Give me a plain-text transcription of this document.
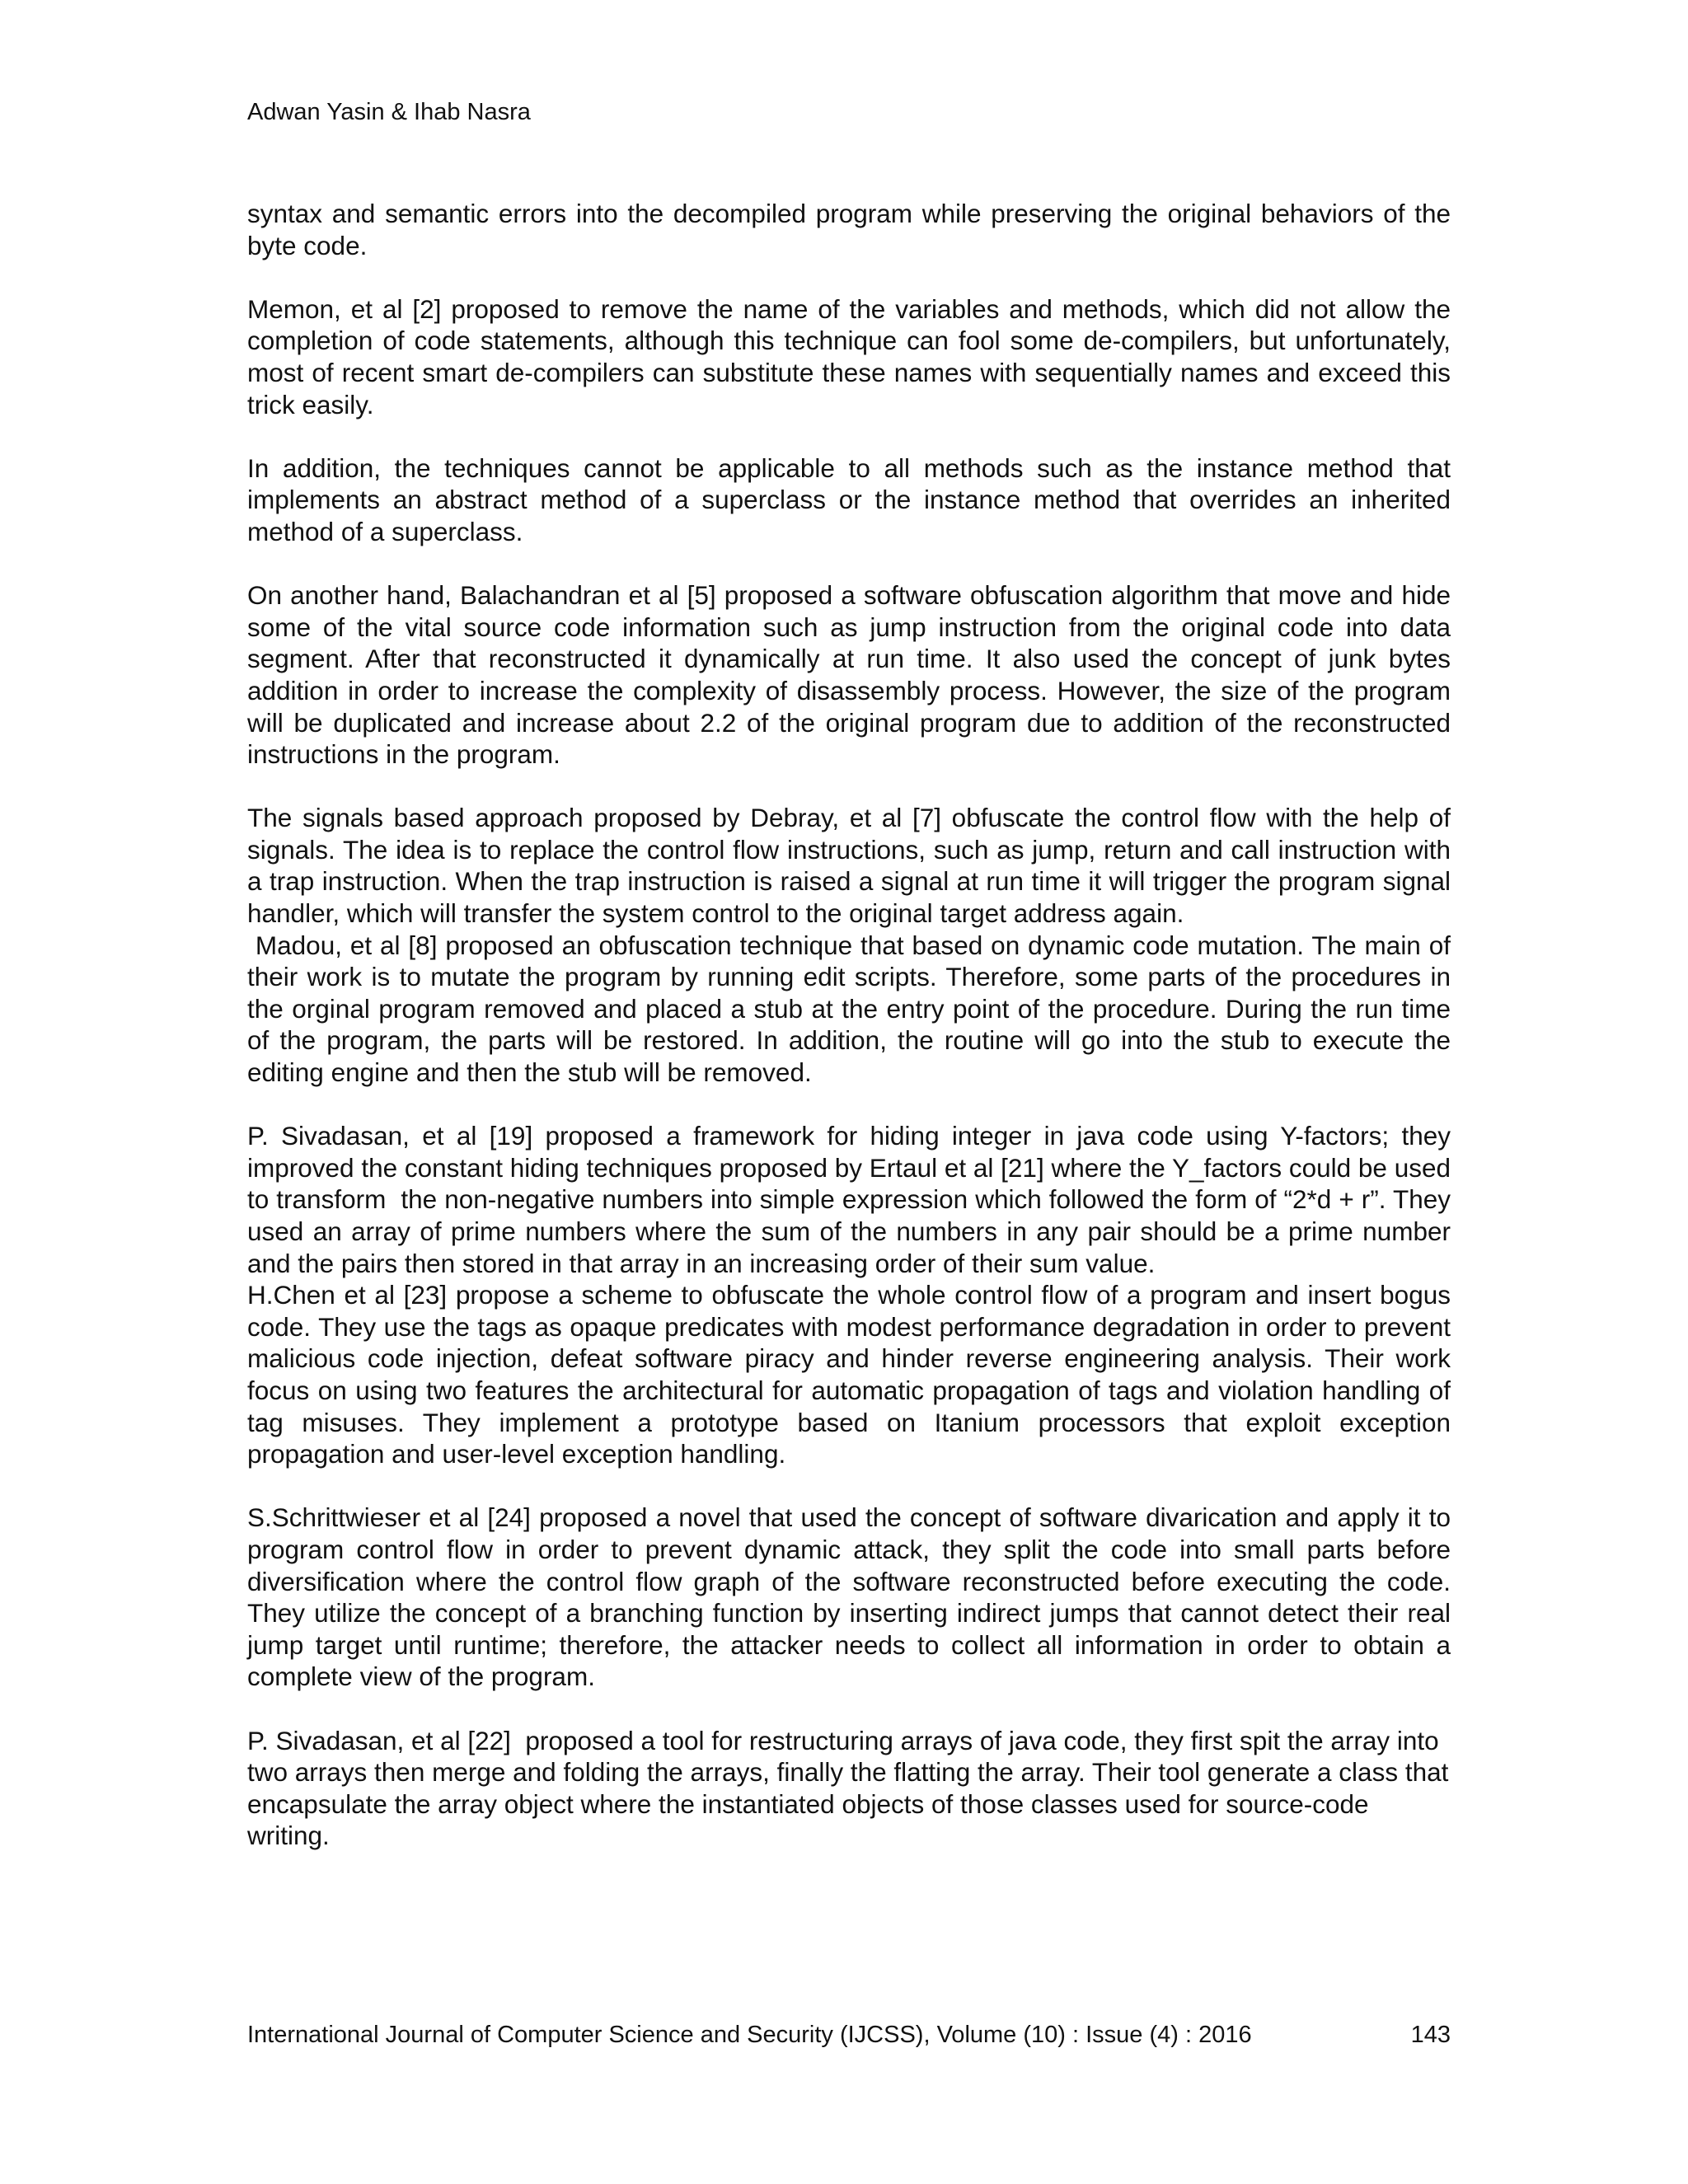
Adwan Yasin & Ihab Nasra

syntax and semantic errors into the decompiled program while preserving the original behaviors of the byte code.

Memon, et al [2] proposed to remove the name of the variables and methods, which did not allow the completion of code statements, although this technique can fool some de-compilers, but unfortunately, most of recent smart de-compilers can substitute these names with sequentially names and exceed this trick easily.

In addition, the techniques cannot be applicable to all methods such as the instance method that implements an abstract method of a superclass or the instance method that overrides an inherited method of a superclass.

On another hand, Balachandran et al [5] proposed a software obfuscation algorithm that move and hide some of the vital source code information such as jump instruction from the original code into data segment. After that reconstructed it dynamically at run time. It also used the concept of junk bytes addition in order to increase the complexity of disassembly process. However, the size of the program will be duplicated and increase about 2.2 of the original program due to addition of the reconstructed instructions in the program.

The signals based approach proposed by Debray, et al [7] obfuscate the control flow with the help of signals. The idea is to replace the control flow instructions, such as jump, return and call instruction with a trap instruction. When the trap instruction is raised a signal at run time it will trigger the program signal handler, which will transfer the system control to the original target address again.

Madou, et al [8] proposed an obfuscation technique that based on dynamic code mutation. The main of their work is to mutate the program by running edit scripts. Therefore, some parts of the procedures in the orginal program removed and placed a stub at the entry point of the procedure. During the run time of the program, the parts will be restored. In addition, the routine will go into the stub to execute the editing engine and then the stub will be removed.

P. Sivadasan, et al [19] proposed a framework for hiding integer in java code using Y-factors; they improved the constant hiding techniques proposed by Ertaul et al [21] where the Y_factors could be used to transform  the non-negative numbers into simple expression which followed the form of “2*d + r”. They used an array of prime numbers where the sum of the numbers in any pair should be a prime number and the pairs then stored in that array in an increasing order of their sum value.

H.Chen et al [23] propose a scheme to obfuscate the whole control flow of a program and insert bogus code. They use the tags as opaque predicates with modest performance degradation in order to prevent malicious code injection, defeat software piracy and hinder reverse engineering analysis. Their work focus on using two features the architectural for automatic propagation of tags and violation handling of tag misuses. They implement a prototype based on Itanium processors that exploit exception propagation and user-level exception handling.

S.Schrittwieser et al [24] proposed a novel that used the concept of software divarication and apply it to program control flow in order to prevent dynamic attack, they split the code into small parts before diversification where the control flow graph of the software reconstructed before executing the code. They utilize the concept of a branching function by inserting indirect jumps that cannot detect their real jump target until runtime; therefore, the attacker needs to collect all information in order to obtain a complete view of the program.

P. Sivadasan, et al [22]  proposed a tool for restructuring arrays of java code, they first spit the array into two arrays then merge and folding the arrays, finally the flatting the array. Their tool generate a class that encapsulate the array object where the instantiated objects of those classes used for source-code writing.

International Journal of Computer Science and Security (IJCSS), Volume (10) : Issue (4) : 2016	143
